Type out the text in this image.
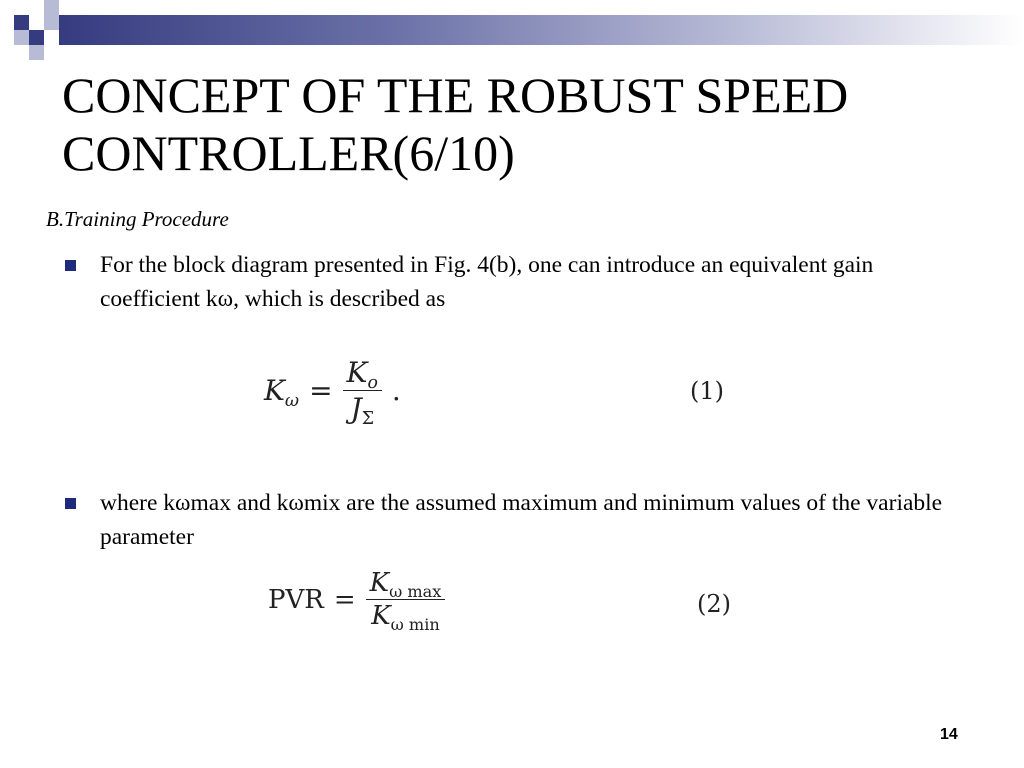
CONCEPT OF THE ROBUST SPEED CONTROLLER(6/10)
B.Training Procedure
For the block diagram presented in Fig. 4(b), one can introduce an equivalent gain coefficient kω, which is described as
$K_\omega = \frac{K_o}{J_\Sigma}$ .	(1)
where kωmax and kωmix are the assumed maximum and minimum values of the variable parameter
PVR = $\frac{K_{\omega max}}{K_{\omega min}}$	(2)
14
